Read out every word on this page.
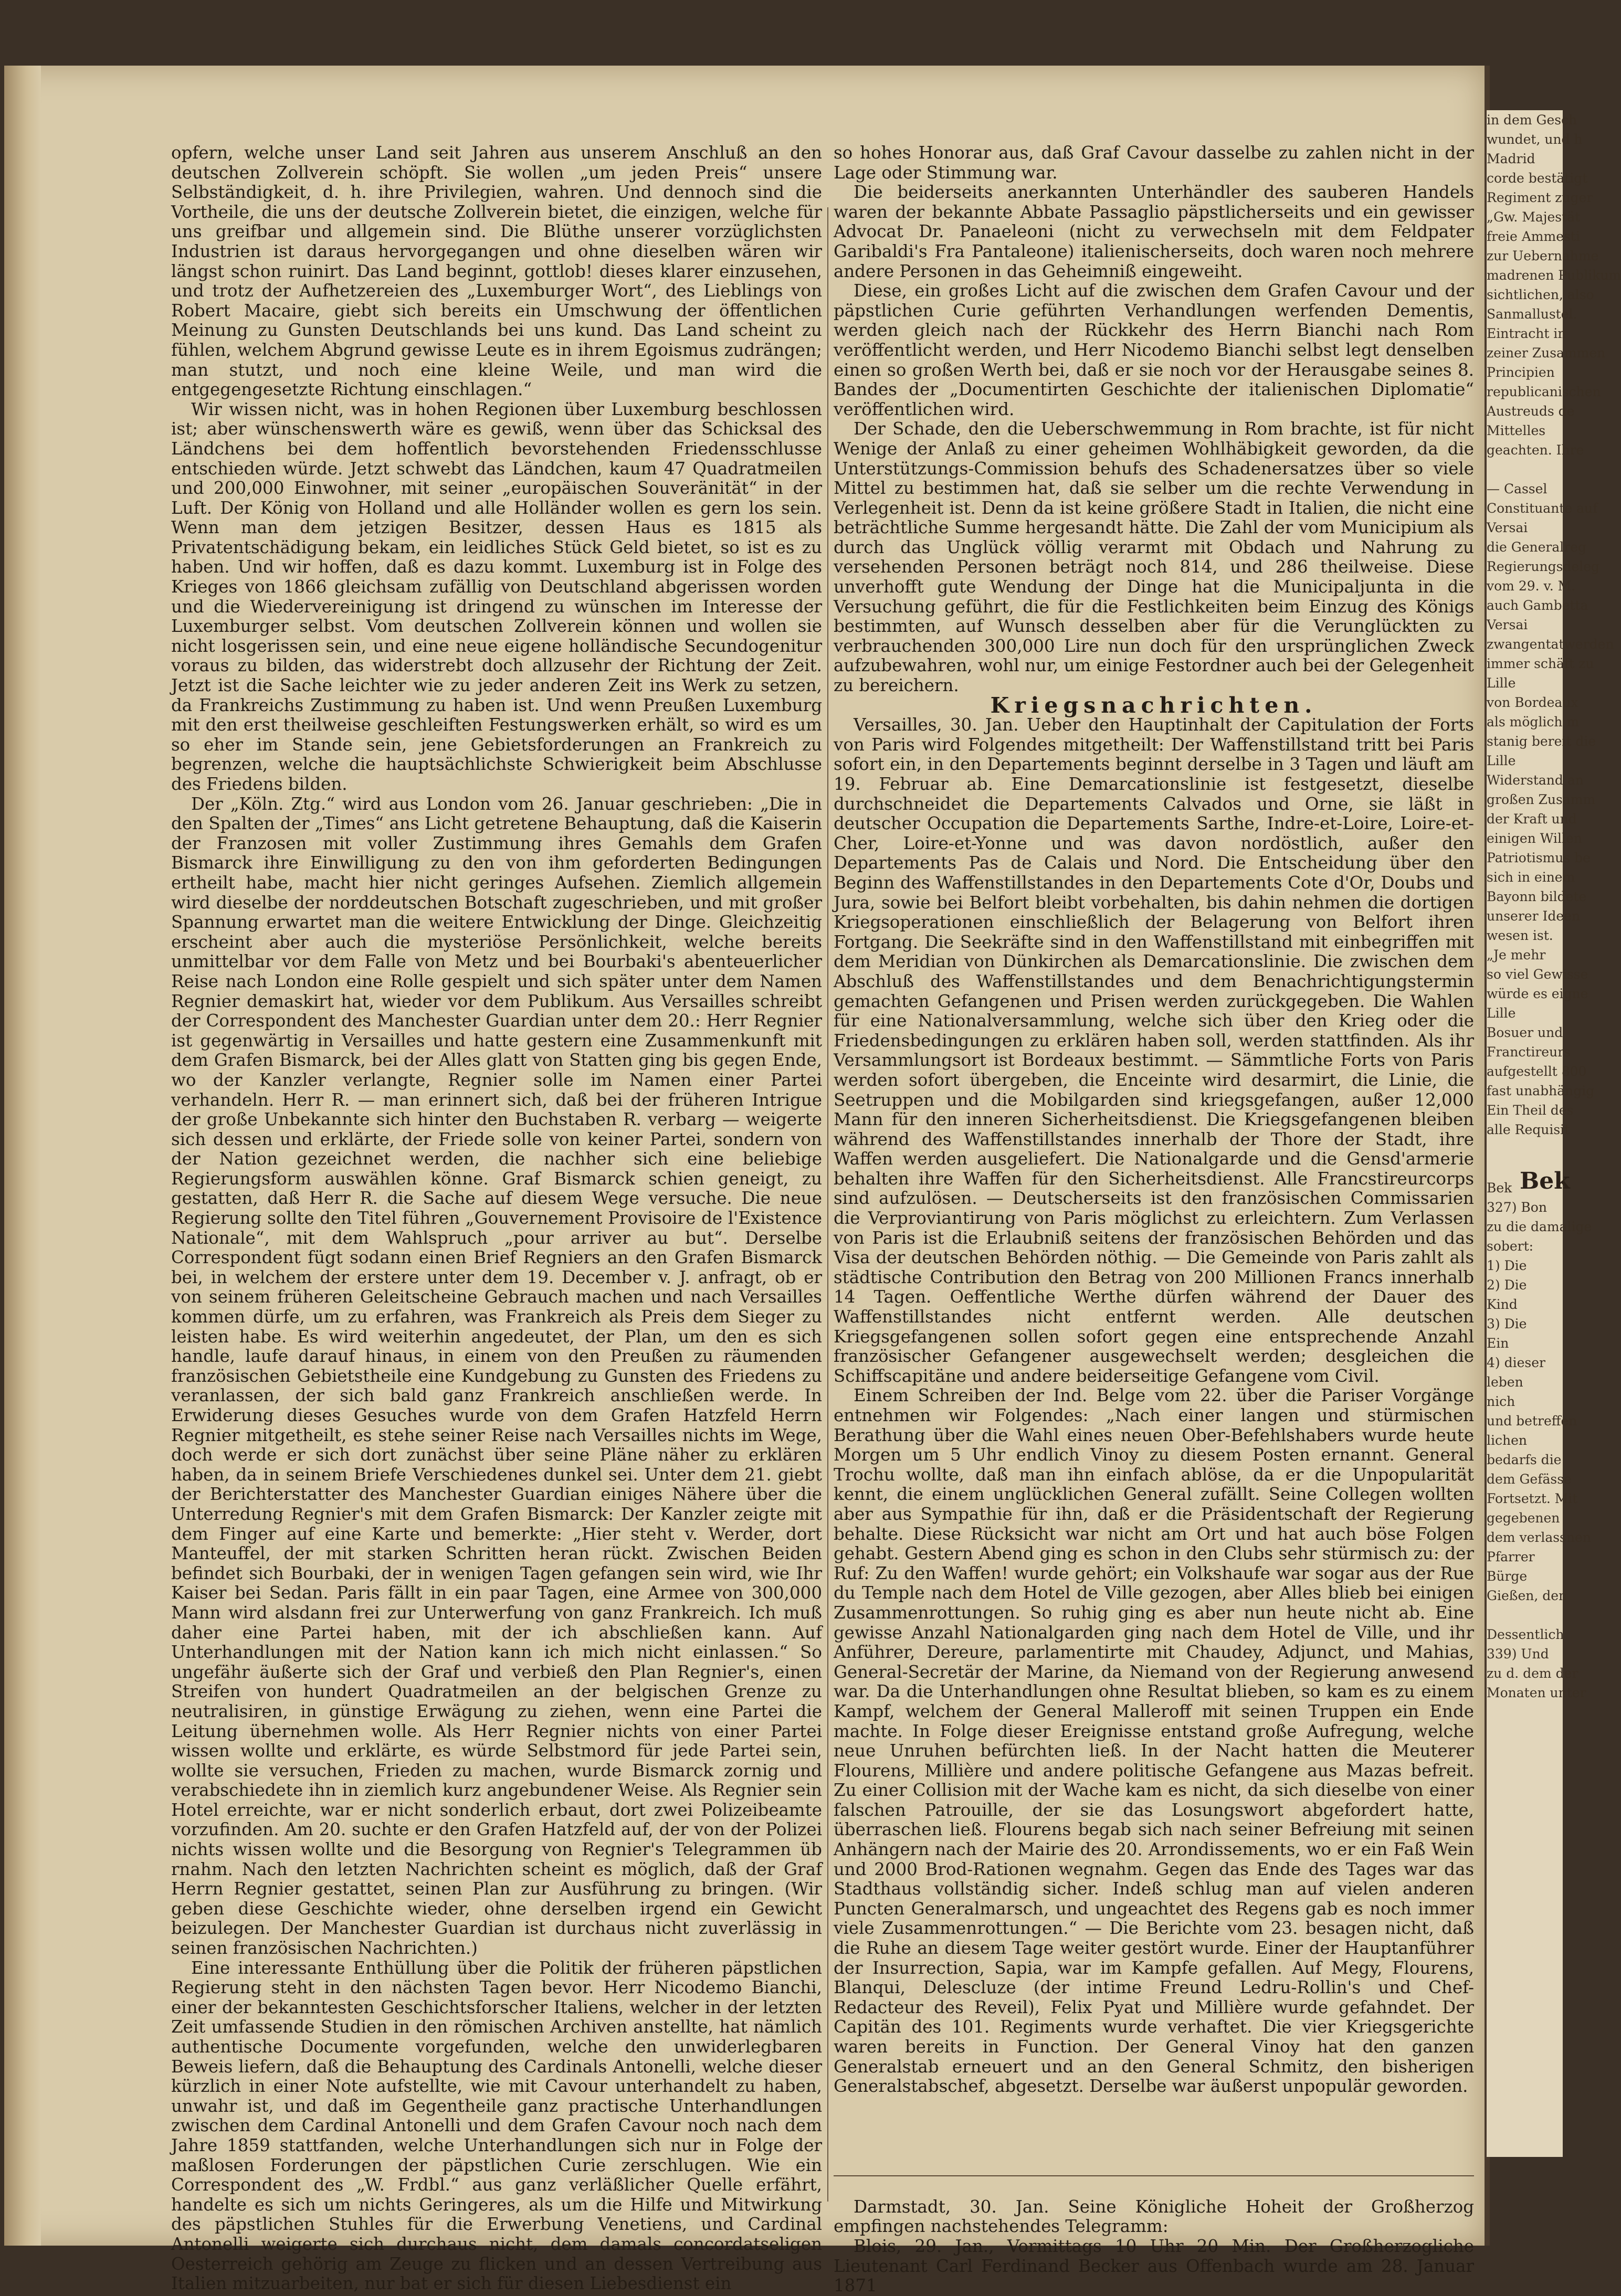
opfern, welche unser Land seit Jahren aus unserem Anschluß an den deutschen Zollverein schöpft. Sie wollen „um jeden Preis“ unsere Selbständigkeit, d. h. ihre Privilegien, wahren. Und dennoch sind die Vortheile, die uns der deutsche Zollverein bietet, die einzigen, welche für uns greifbar und allgemein sind. Die Blüthe unserer vorzüglichsten Industrien ist daraus hervorgegangen und ohne dieselben wären wir längst schon ruinirt. Das Land beginnt, gottlob! dieses klarer einzusehen, und trotz der Aufhetzereien des „Luxemburger Wort“, des Lieblings von Robert Macaire, giebt sich bereits ein Umschwung der öffentlichen Meinung zu Gunsten Deutschlands bei uns kund. Das Land scheint zu fühlen, welchem Abgrund gewisse Leute es in ihrem Egoismus zudrängen; man stutzt, und noch eine kleine Weile, und man wird die entgegengesetzte Richtung einschlagen.“

Wir wissen nicht, was in hohen Regionen über Luxemburg beschlossen ist; aber wünschenswerth wäre es gewiß, wenn über das Schicksal des Ländchens bei dem hoffentlich bevorstehenden Friedensschlusse entschieden würde. Jetzt schwebt das Ländchen, kaum 47 Quadratmeilen und 200,000 Einwohner, mit seiner „europäischen Souveränität“ in der Luft. Der König von Holland und alle Holländer wollen es gern los sein. Wenn man dem jetzigen Besitzer, dessen Haus es 1815 als Privatentschädigung bekam, ein leidliches Stück Geld bietet, so ist es zu haben. Und wir hoffen, daß es dazu kommt. Luxemburg ist in Folge des Krieges von 1866 gleichsam zufällig von Deutschland abgerissen worden und die Wiedervereinigung ist dringend zu wünschen im Interesse der Luxemburger selbst. Vom deutschen Zollverein können und wollen sie nicht losgerissen sein, und eine neue eigene holländische Secundogenitur voraus zu bilden, das widerstrebt doch allzusehr der Richtung der Zeit. Jetzt ist die Sache leichter wie zu jeder anderen Zeit ins Werk zu setzen, da Frankreichs Zustimmung zu haben ist. Und wenn Preußen Luxemburg mit den erst theilweise geschleiften Festungswerken erhält, so wird es um so eher im Stande sein, jene Gebietsforderungen an Frankreich zu begrenzen, welche die hauptsächlichste Schwierigkeit beim Abschlusse des Friedens bilden.

Der „Köln. Ztg.“ wird aus London vom 26. Januar geschrieben: „Die in den Spalten der „Times“ ans Licht getretene Behauptung, daß die Kaiserin der Franzosen mit voller Zustimmung ihres Gemahls dem Grafen Bismarck ihre Einwilligung zu den von ihm geforderten Bedingungen ertheilt habe, macht hier nicht geringes Aufsehen. Ziemlich allgemein wird dieselbe der norddeutschen Botschaft zugeschrieben, und mit großer Spannung erwartet man die weitere Entwicklung der Dinge. Gleichzeitig erscheint aber auch die mysteriöse Persönlichkeit, welche bereits unmittelbar vor dem Falle von Metz und bei Bourbaki's abenteuerlicher Reise nach London eine Rolle gespielt und sich später unter dem Namen Regnier demaskirt hat, wieder vor dem Publikum. Aus Versailles schreibt der Correspondent des Manchester Guardian unter dem 20.: Herr Regnier ist gegenwärtig in Versailles und hatte gestern eine Zusammenkunft mit dem Grafen Bismarck, bei der Alles glatt von Statten ging bis gegen Ende, wo der Kanzler verlangte, Regnier solle im Namen einer Partei verhandeln. Herr R. — man erinnert sich, daß bei der früheren Intrigue der große Unbekannte sich hinter den Buchstaben R. verbarg — weigerte sich dessen und erklärte, der Friede solle von keiner Partei, sondern von der Nation gezeichnet werden, die nachher sich eine beliebige Regierungsform auswählen könne. Graf Bismarck schien geneigt, zu gestatten, daß Herr R. die Sache auf diesem Wege versuche. Die neue Regierung sollte den Titel führen „Gouvernement Provisoire de l'Existence Nationale“, mit dem Wahlspruch „pour arriver au but“. Derselbe Correspondent fügt sodann einen Brief Regniers an den Grafen Bismarck bei, in welchem der erstere unter dem 19. December v. J. anfragt, ob er von seinem früheren Geleitscheine Gebrauch machen und nach Versailles kommen dürfe, um zu erfahren, was Frankreich als Preis dem Sieger zu leisten habe. Es wird weiterhin angedeutet, der Plan, um den es sich handle, laufe darauf hinaus, in einem von den Preußen zu räumenden französischen Gebietstheile eine Kundgebung zu Gunsten des Friedens zu veranlassen, der sich bald ganz Frankreich anschließen werde. In Erwiderung dieses Gesuches wurde von dem Grafen Hatzfeld Herrn Regnier mitgetheilt, es stehe seiner Reise nach Versailles nichts im Wege, doch werde er sich dort zunächst über seine Pläne näher zu erklären haben, da in seinem Briefe Verschiedenes dunkel sei. Unter dem 21. giebt der Berichterstatter des Manchester Guardian einiges Nähere über die Unterredung Regnier's mit dem Grafen Bismarck: Der Kanzler zeigte mit dem Finger auf eine Karte und bemerkte: „Hier steht v. Werder, dort Manteuffel, der mit starken Schritten heran rückt. Zwischen Beiden befindet sich Bourbaki, der in wenigen Tagen gefangen sein wird, wie Ihr Kaiser bei Sedan. Paris fällt in ein paar Tagen, eine Armee von 300,000 Mann wird alsdann frei zur Unterwerfung von ganz Frankreich. Ich muß daher eine Partei haben, mit der ich abschließen kann. Auf Unterhandlungen mit der Nation kann ich mich nicht einlassen.“ So ungefähr äußerte sich der Graf und verbieß den Plan Regnier's, einen Streifen von hundert Quadratmeilen an der belgischen Grenze zu neutralisiren, in günstige Erwägung zu ziehen, wenn eine Partei die Leitung übernehmen wolle. Als Herr Regnier nichts von einer Partei wissen wollte und erklärte, es würde Selbstmord für jede Partei sein, wollte sie versuchen, Frieden zu machen, wurde Bismarck zornig und verabschiedete ihn in ziemlich kurz angebundener Weise. Als Regnier sein Hotel erreichte, war er nicht sonderlich erbaut, dort zwei Polizeibeamte vorzufinden. Am 20. suchte er den Grafen Hatzfeld auf, der von der Polizei nichts wissen wollte und die Besorgung von Regnier's Telegrammen üb rnahm. Nach den letzten Nachrichten scheint es möglich, daß der Graf Herrn Regnier gestattet, seinen Plan zur Ausführung zu bringen. (Wir geben diese Geschichte wieder, ohne derselben irgend ein Gewicht beizulegen. Der Manchester Guardian ist durchaus nicht zuverlässig in seinen französischen Nachrichten.)

Eine interessante Enthüllung über die Politik der früheren päpstlichen Regierung steht in den nächsten Tagen bevor. Herr Nicodemo Bianchi, einer der bekanntesten Geschichtsforscher Italiens, welcher in der letzten Zeit umfassende Studien in den römischen Archiven anstellte, hat nämlich authentische Documente vorgefunden, welche den unwiderlegbaren Beweis liefern, daß die Behauptung des Cardinals Antonelli, welche dieser kürzlich in einer Note aufstellte, wie mit Cavour unterhandelt zu haben, unwahr ist, und daß im Gegentheile ganz practische Unterhandlungen zwischen dem Cardinal Antonelli und dem Grafen Cavour noch nach dem Jahre 1859 stattfanden, welche Unterhandlungen sich nur in Folge der maßlosen Forderungen der päpstlichen Curie zerschlugen. Wie ein Correspondent des „W. Frdbl.“ aus ganz verläßlicher Quelle erfährt, handelte es sich um nichts Geringeres, als um die Hilfe und Mitwirkung des päpstlichen Stuhles für die Erwerbung Venetiens, und Cardinal Antonelli weigerte sich durchaus nicht, dem damals concordatseligen Oesterreich gehörig am Zeuge zu flicken und an dessen Vertreibung aus Italien mitzuarbeiten, nur bat er sich für diesen Liebesdienst ein

so hohes Honorar aus, daß Graf Cavour dasselbe zu zahlen nicht in der Lage oder Stimmung war.

Die beiderseits anerkannten Unterhändler des sauberen Handels waren der bekannte Abbate Passaglio päpstlicherseits und ein gewisser Advocat Dr. Panaeleoni (nicht zu verwechseln mit dem Feldpater Garibaldi's Fra Pantaleone) italienischerseits, doch waren noch mehrere andere Personen in das Geheimniß eingeweiht.

Diese, ein großes Licht auf die zwischen dem Grafen Cavour und der päpstlichen Curie geführten Verhandlungen werfenden Dementis, werden gleich nach der Rückkehr des Herrn Bianchi nach Rom veröffentlicht werden, und Herr Nicodemo Bianchi selbst legt denselben einen so großen Werth bei, daß er sie noch vor der Herausgabe seines 8. Bandes der „Documentirten Geschichte der italienischen Diplomatie“ veröffentlichen wird.

Der Schade, den die Ueberschwemmung in Rom brachte, ist für nicht Wenige der Anlaß zu einer geheimen Wohlhäbigkeit geworden, da die Unterstützungs-Commission behufs des Schadenersatzes über so viele Mittel zu bestimmen hat, daß sie selber um die rechte Verwendung in Verlegenheit ist. Denn da ist keine größere Stadt in Italien, die nicht eine beträchtliche Summe hergesandt hätte. Die Zahl der vom Municipium als durch das Unglück völlig verarmt mit Obdach und Nahrung zu versehenden Personen beträgt noch 814, und 286 theilweise. Diese unverhofft gute Wendung der Dinge hat die Municipaljunta in die Versuchung geführt, die für die Festlichkeiten beim Einzug des Königs bestimmten, auf Wunsch desselben aber für die Verunglückten zu verbrauchenden 300,000 Lire nun doch für den ursprünglichen Zweck aufzubewahren, wohl nur, um einige Festordner auch bei der Gelegenheit zu bereichern.

Kriegsnachrichten.

Versailles, 30. Jan. Ueber den Hauptinhalt der Capitulation der Forts von Paris wird Folgendes mitgetheilt: Der Waffenstillstand tritt bei Paris sofort ein, in den Departements beginnt derselbe in 3 Tagen und läuft am 19. Februar ab. Eine Demarcationslinie ist festgesetzt, dieselbe durchschneidet die Departements Calvados und Orne, sie läßt in deutscher Occupation die Departements Sarthe, Indre-et-Loire, Loire-et-Cher, Loire-et-Yonne und was davon nordöstlich, außer den Departements Pas de Calais und Nord. Die Entscheidung über den Beginn des Waffenstillstandes in den Departements Cote d'Or, Doubs und Jura, sowie bei Belfort bleibt vorbehalten, bis dahin nehmen die dortigen Kriegsoperationen einschließlich der Belagerung von Belfort ihren Fortgang. Die Seekräfte sind in den Waffenstillstand mit einbegriffen mit dem Meridian von Dünkirchen als Demarcationslinie. Die zwischen dem Abschluß des Waffenstillstandes und dem Benachrichtigungstermin gemachten Gefangenen und Prisen werden zurückgegeben. Die Wahlen für eine Nationalversammlung, welche sich über den Krieg oder die Friedensbedingungen zu erklären haben soll, werden stattfinden. Als ihr Versammlungsort ist Bordeaux bestimmt. — Sämmtliche Forts von Paris werden sofort übergeben, die Enceinte wird desarmirt, die Linie, die Seetruppen und die Mobilgarden sind kriegsgefangen, außer 12,000 Mann für den inneren Sicherheitsdienst. Die Kriegsgefangenen bleiben während des Waffenstillstandes innerhalb der Thore der Stadt, ihre Waffen werden ausgeliefert. Die Nationalgarde und die Gensd'armerie behalten ihre Waffen für den Sicherheitsdienst. Alle Francstireurcorps sind aufzulösen. — Deutscherseits ist den französischen Commissarien die Verproviantirung von Paris möglichst zu erleichtern. Zum Verlassen von Paris ist die Erlaubniß seitens der französischen Behörden und das Visa der deutschen Behörden nöthig. — Die Gemeinde von Paris zahlt als städtische Contribution den Betrag von 200 Millionen Francs innerhalb 14 Tagen. Oeffentliche Werthe dürfen während der Dauer des Waffenstillstandes nicht entfernt werden. Alle deutschen Kriegsgefangenen sollen sofort gegen eine entsprechende Anzahl französischer Gefangener ausgewechselt werden; desgleichen die Schiffscapitäne und andere beiderseitige Gefangene vom Civil.

Einem Schreiben der Ind. Belge vom 22. über die Pariser Vorgänge entnehmen wir Folgendes: „Nach einer langen und stürmischen Berathung über die Wahl eines neuen Ober-Befehlshabers wurde heute Morgen um 5 Uhr endlich Vinoy zu diesem Posten ernannt. General Trochu wollte, daß man ihn einfach ablöse, da er die Unpopularität kennt, die einem unglücklichen General zufällt. Seine Collegen wollten aber aus Sympathie für ihn, daß er die Präsidentschaft der Regierung behalte. Diese Rücksicht war nicht am Ort und hat auch böse Folgen gehabt. Gestern Abend ging es schon in den Clubs sehr stürmisch zu: der Ruf: Zu den Waffen! wurde gehört; ein Volkshaufe war sogar aus der Rue du Temple nach dem Hotel de Ville gezogen, aber Alles blieb bei einigen Zusammenrottungen. So ruhig ging es aber nun heute nicht ab. Eine gewisse Anzahl Nationalgarden ging nach dem Hotel de Ville, und ihr Anführer, Dereure, parlamentirte mit Chaudey, Adjunct, und Mahias, General-Secretär der Marine, da Niemand von der Regierung anwesend war. Da die Unterhandlungen ohne Resultat blieben, so kam es zu einem Kampf, welchem der General Malleroff mit seinen Truppen ein Ende machte. In Folge dieser Ereignisse entstand große Aufregung, welche neue Unruhen befürchten ließ. In der Nacht hatten die Meuterer Flourens, Millière und andere politische Gefangene aus Mazas befreit. Zu einer Collision mit der Wache kam es nicht, da sich dieselbe von einer falschen Patrouille, der sie das Losungswort abgefordert hatte, überraschen ließ. Flourens begab sich nach seiner Befreiung mit seinen Anhängern nach der Mairie des 20. Arrondissements, wo er ein Faß Wein und 2000 Brod-Rationen wegnahm. Gegen das Ende des Tages war das Stadthaus vollständig sicher. Indeß schlug man auf vielen anderen Puncten Generalmarsch, und ungeachtet des Regens gab es noch immer viele Zusammenrottungen.“ — Die Berichte vom 23. besagen nicht, daß die Ruhe an diesem Tage weiter gestört wurde. Einer der Hauptanführer der Insurrection, Sapia, war im Kampfe gefallen. Auf Megy, Flourens, Blanqui, Delescluze (der intime Freund Ledru-Rollin's und Chef-Redacteur des Reveil), Felix Pyat und Millière wurde gefahndet. Der Capitän des 101. Regiments wurde verhaftet. Die vier Kriegsgerichte waren bereits in Function. Der General Vinoy hat den ganzen Generalstab erneuert und an den General Schmitz, den bisherigen Generalstabschef, abgesetzt. Derselbe war äußerst unpopulär geworden.

Darmstadt, 30. Jan. Seine Königliche Hoheit der Großherzog empfingen nachstehendes Telegramm:

Blois, 29. Jan., Vormittags 10 Uhr 20 Min. Der Großherzogliche Lieutenant Carl Ferdinand Becker aus Offenbach wurde am 28. Januar 1871

in dem Gesch
wundet, und h
Madrid
corde bestätigt
Regiment zuger
„Gw. Majestät
freie Ammesti
zur Uebernahme
madrenen Publikum
sichtlichen, also
Sanmallustel.
Eintracht in
zeiner Zusammen
Principien
republicanischen
Austreuds de
Mittelles
geachten. Ihre

— Cassel
Constituante auf
Versai
die Generalreg
Regierungsdeleg
vom 29. v. M.
auch Gambetta
Versai
zwangentatwerden
immer schäft zu
Lille
von Bordeaux
als möglich m
stanig bereit die
Lille
Widerstand an
großen Zusamm
der Kraft und
einigen Willen
Patriotismus be
sich in einem
Bayonn bildete
unserer Ideen
wesen ist.
„Je mehr
so viel Gewisse
würde es eigne
Lille
Bosuer und
Franctireurs
aufgestellt 800
fast unabhängig
Ein Theil des
alle Requisit

Bek
327) Bon
zu die damalige
sobert:
1) Die
2) Die
Kind
3) Die
Ein
4) dieser
leben
nich
und betreffen
lichen
bedarfs die
dem Gefässe
Fortsetzt. Mit
gegebenen
dem verlassnen
Pfarrer
Bürge
Gießen, den

Dessentlich
339) Und
zu d. dem der
Monaten unter
Bek
